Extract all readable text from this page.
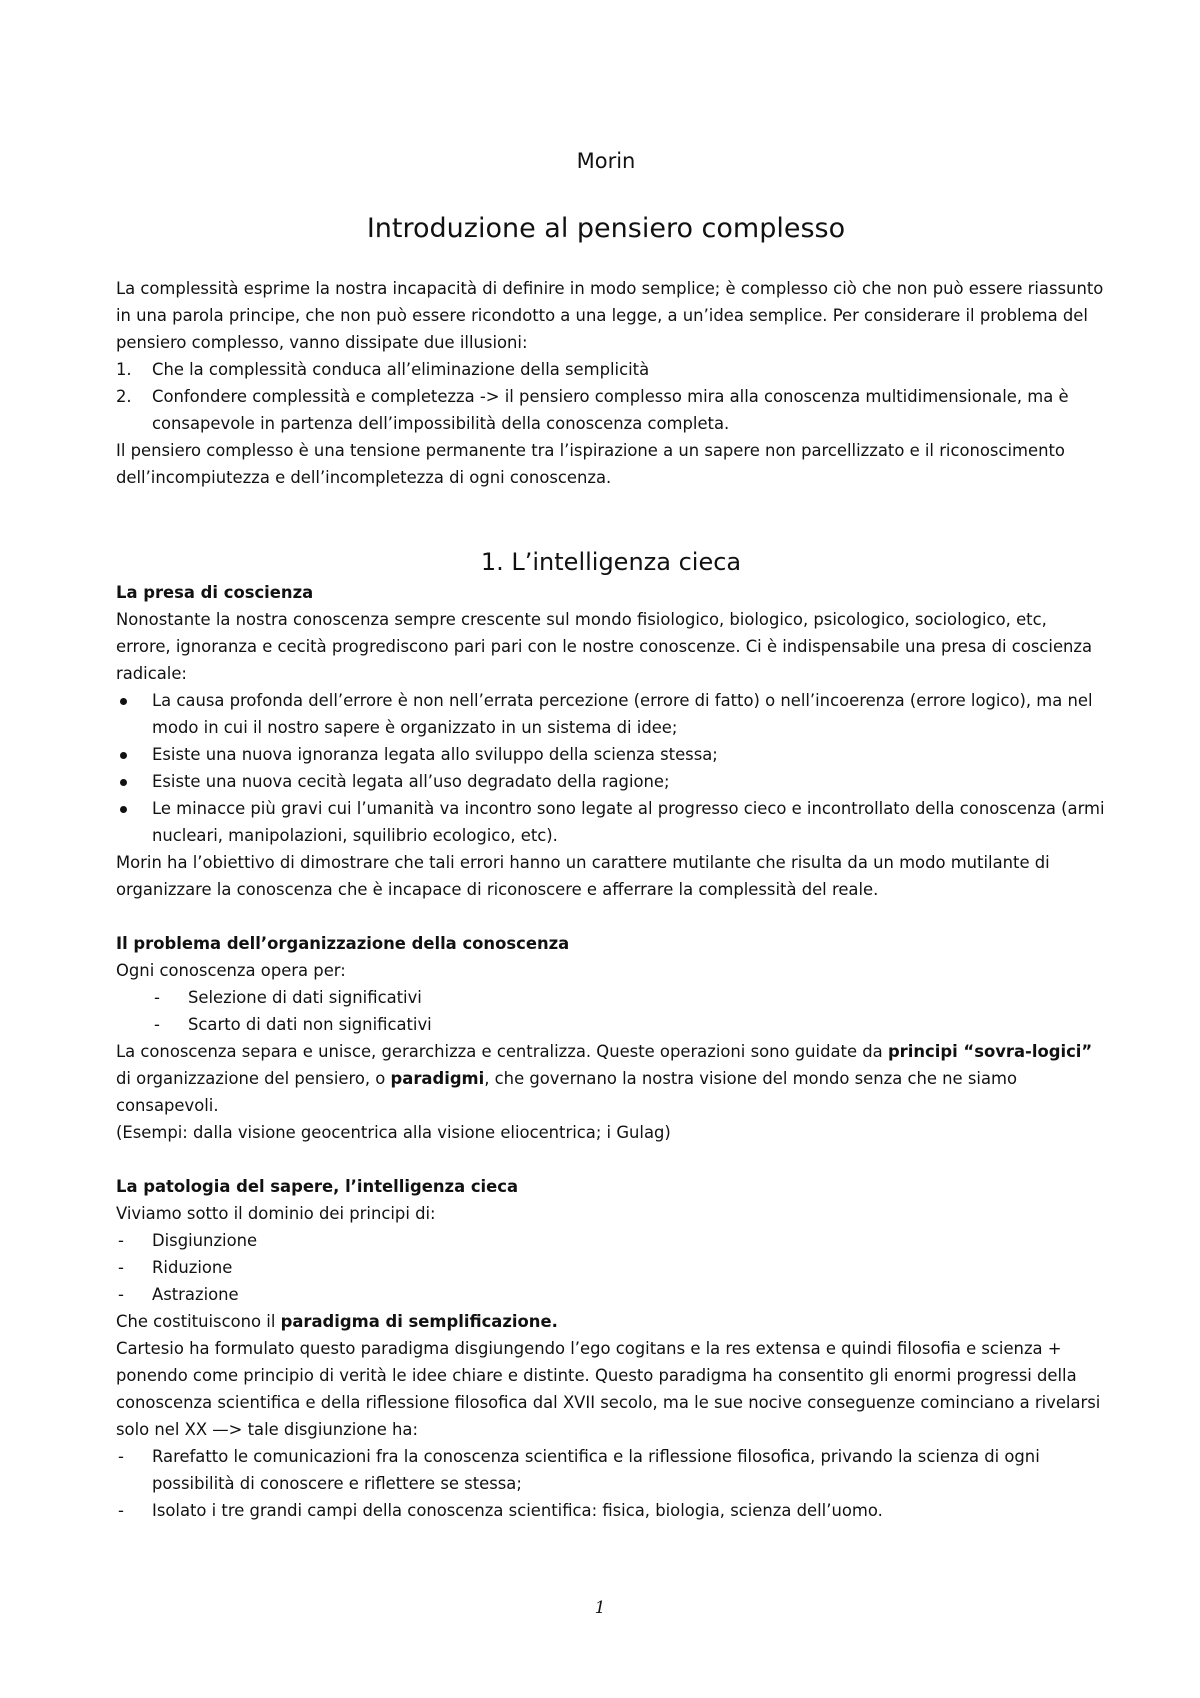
Morin
Introduzione al pensiero complesso

La complessità esprime la nostra incapacità di definire in modo semplice; è complesso ciò che non può essere riassunto in una parola principe, che non può essere ricondotto a una legge, a un’idea semplice. Per considerare il problema del pensiero complesso, vanno dissipate due illusioni:

1. Che la complessità conduca all’eliminazione della semplicità
2. Confondere complessità e completezza -> il pensiero complesso mira alla conoscenza multidimensionale, ma è consapevole in partenza dell’impossibilità della conoscenza completa.

Il pensiero complesso è una tensione permanente tra l’ispirazione a un sapere non parcellizzato e il riconoscimento dell’incompiutezza e dell’incompletezza di ogni conoscenza.

1. L’intelligenza cieca
La presa di coscienza

Nonostante la nostra conoscenza sempre crescente sul mondo fisiologico, biologico, psicologico, sociologico, etc, errore, ignoranza e cecità progrediscono pari pari con le nostre conoscenze. Ci è indispensabile una presa di coscienza radicale:

La causa profonda dell’errore è non nell’errata percezione (errore di fatto) o nell’incoerenza (errore logico), ma nel modo in cui il nostro sapere è organizzato in un sistema di idee;
Esiste una nuova ignoranza legata allo sviluppo della scienza stessa;
Esiste una nuova cecità legata all’uso degradato della ragione;
Le minacce più gravi cui l’umanità va incontro sono legate al progresso cieco e incontrollato della conoscenza (armi nucleari, manipolazioni, squilibrio ecologico, etc).

Morin ha l’obiettivo di dimostrare che tali errori hanno un carattere mutilante che risulta da un modo mutilante di organizzare la conoscenza che è incapace di riconoscere e afferrare la complessità del reale.

Il problema dell’organizzazione della conoscenza

Ogni conoscenza opera per:

- Selezione di dati significativi
- Scarto di dati non significativi

La conoscenza separa e unisce, gerarchizza e centralizza. Queste operazioni sono guidate da principi “sovra-logici” di organizzazione del pensiero, o paradigmi, che governano la nostra visione del mondo senza che ne siamo consapevoli.

(Esempi: dalla visione geocentrica alla visione eliocentrica; i Gulag)

La patologia del sapere, l’intelligenza cieca

Viviamo sotto il dominio dei principi di:

- Disgiunzione
- Riduzione
- Astrazione

Che costituiscono il paradigma di semplificazione.

Cartesio ha formulato questo paradigma disgiungendo l’ego cogitans e la res extensa e quindi filosofia e scienza + ponendo come principio di verità le idee chiare e distinte. Questo paradigma ha consentito gli enormi progressi della conoscenza scientifica e della riflessione filosofica dal XVII secolo, ma le sue nocive conseguenze cominciano a rivelarsi solo nel XX —> tale disgiunzione ha:

- Rarefatto le comunicazioni fra la conoscenza scientifica e la riflessione filosofica, privando la scienza di ogni possibilità di conoscere e riflettere se stessa;
- Isolato i tre grandi campi della conoscenza scientifica: fisica, biologia, scienza dell’uomo.
1
